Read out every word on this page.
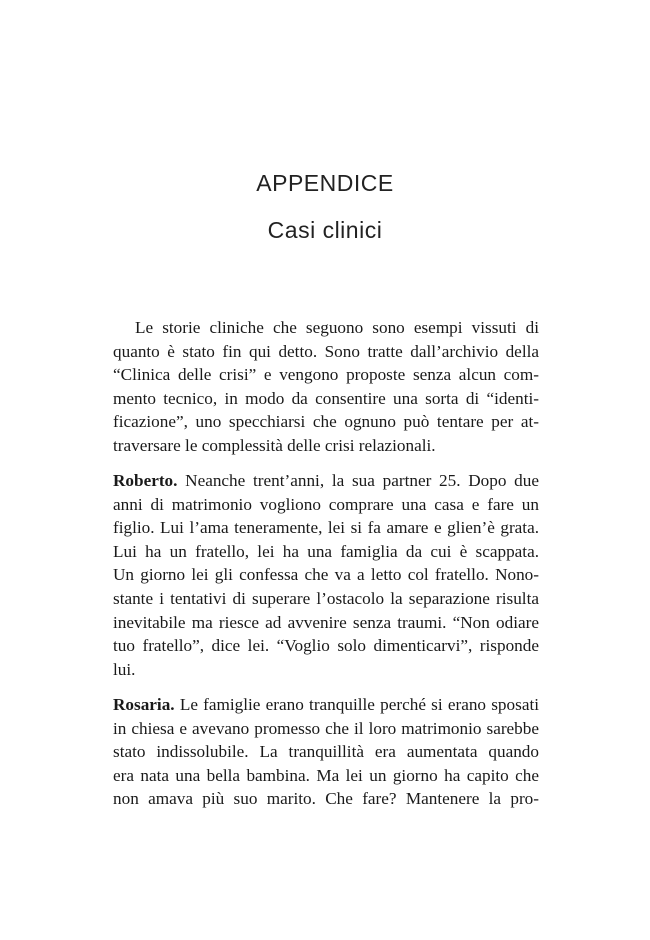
APPENDICE
Casi clinici
Le storie cliniche che seguono sono esempi vissuti di
quanto è stato fin qui detto. Sono tratte dall’archivio della
“Clinica delle crisi” e vengono proposte senza alcun com-
mento tecnico, in modo da consentire una sorta di “identi-
ficazione”, uno specchiarsi che ognuno può tentare per at-
traversare le complessità delle crisi relazionali.
Roberto. Neanche trent’anni, la sua partner 25. Dopo due
anni di matrimonio vogliono comprare una casa e fare un
figlio. Lui l’ama teneramente, lei si fa amare e glien’è grata.
Lui ha un fratello, lei ha una famiglia da cui è scappata.
Un giorno lei gli confessa che va a letto col fratello. Nono-
stante i tentativi di superare l’ostacolo la separazione risulta
inevitabile ma riesce ad avvenire senza traumi. “Non odiare
tuo fratello”, dice lei. “Voglio solo dimenticarvi”, risponde
lui.
Rosaria. Le famiglie erano tranquille perché si erano sposati
in chiesa e avevano promesso che il loro matrimonio sarebbe
stato indissolubile. La tranquillità era aumentata quando
era nata una bella bambina. Ma lei un giorno ha capito che
non amava più suo marito. Che fare? Mantenere la pro-
